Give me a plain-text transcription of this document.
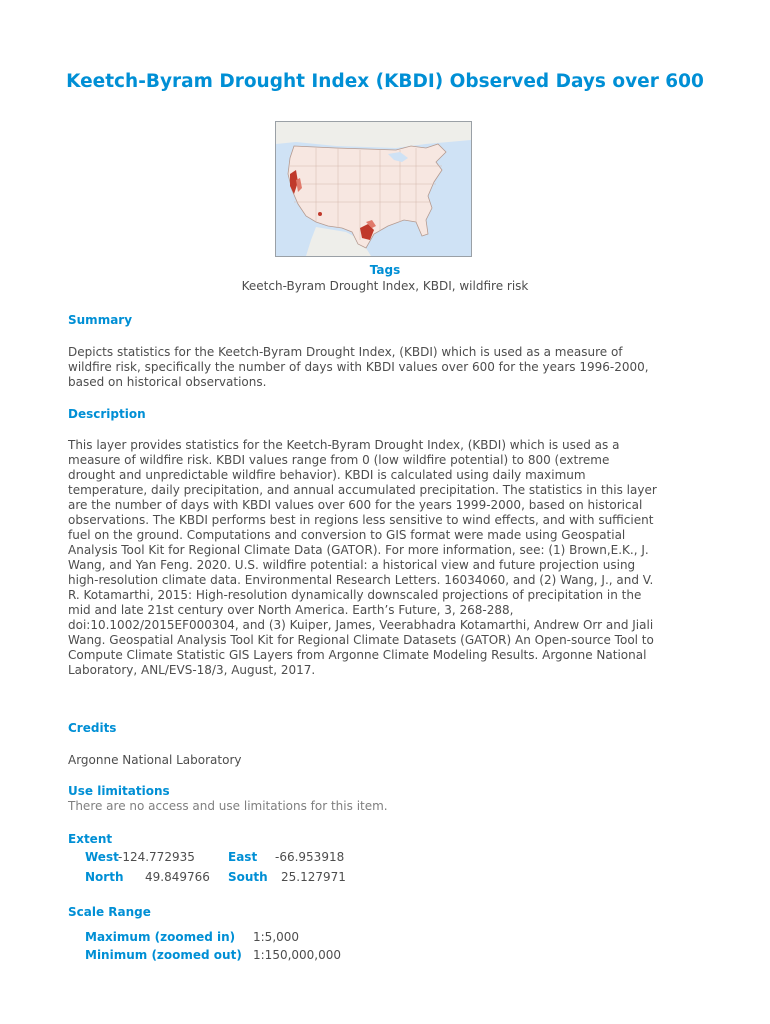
Keetch-Byram Drought Index (KBDI) Observed Days over 600
Tags
Keetch-Byram Drought Index, KBDI, wildfire risk
Summary

Depicts statistics for the Keetch-Byram Drought Index, (KBDI) which is used as a measure of wildfire risk, specifically the number of days with KBDI values over 600 for the years 1996-2000, based on historical observations.

Description

This layer provides statistics for the Keetch-Byram Drought Index, (KBDI) which is used as a measure of wildfire risk. KBDI values range from 0 (low wildfire potential) to 800 (extreme drought and unpredictable wildfire behavior). KBDI is calculated using daily maximum temperature, daily precipitation, and annual accumulated precipitation. The statistics in this layer are the number of days with KBDI values over 600 for the years 1999-2000, based on historical observations. The KBDI performs best in regions less sensitive to wind effects, and with sufficient fuel on the ground. Computations and conversion to GIS format were made using Geospatial Analysis Tool Kit for Regional Climate Data (GATOR). For more information, see: (1) Brown,E.K., J. Wang, and Yan Feng. 2020. U.S. wildfire potential: a historical view and future projection using high-resolution climate data. Environmental Research Letters. 16034060, and (2) Wang, J., and V. R. Kotamarthi, 2015: High-resolution dynamically downscaled projections of precipitation in the mid and late 21st century over North America. Earth’s Future, 3, 268-288, doi:10.1002/2015EF000304, and (3) Kuiper, James, Veerabhadra Kotamarthi, Andrew Orr and Jiali Wang. Geospatial Analysis Tool Kit for Regional Climate Datasets (GATOR) An Open-source Tool to Compute Climate Statistic GIS Layers from Argonne Climate Modeling Results. Argonne National Laboratory, ANL/EVS-18/3, August, 2017.

Credits

Argonne National Laboratory

Use limitations

There are no access and use limitations for this item.

Extent
West -124.772935	East -66.953918
North 49.849766 South 25.127971
Scale Range
Maximum (zoomed in) 1:5,000
Minimum (zoomed out) 1:150,000,000
